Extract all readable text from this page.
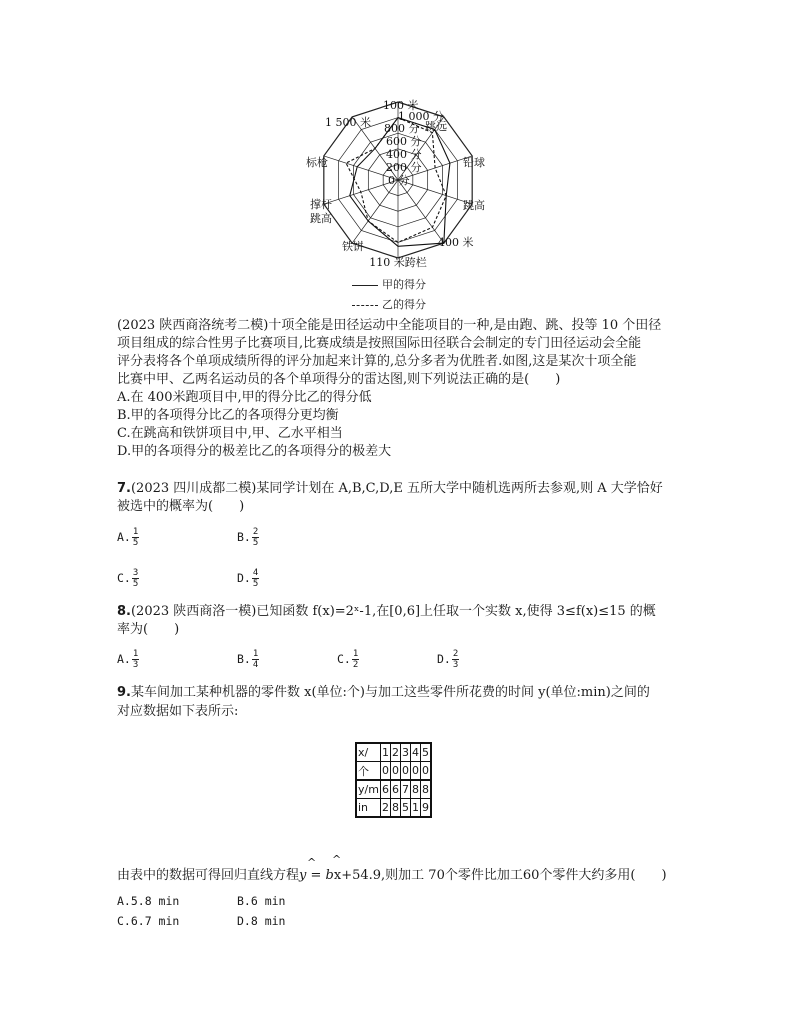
1 000 分
800 分
600 分
400 分
200 分
0 分
100 米
跳远
铅球
跳高
400 米
110 米跨栏
铁饼
撑杆
跳高
标枪
1 500 米
甲的得分
乙的得分
(2023 陕西商洛统考二模)十项全能是田径运动中全能项目的一种,是由跑、跳、投等 10 个田径
项目组成的综合性男子比赛项目,比赛成绩是按照国际田径联合会制定的专门田径运动会全能
评分表将各个单项成绩所得的评分加起来计算的,总分多者为优胜者.如图,这是某次十项全能
比赛中甲、乙两名运动员的各个单项得分的雷达图,则下列说法正确的是(　　)
A.在 400米跑项目中,甲的得分比乙的得分低
B.甲的各项得分比乙的各项得分更均衡
C.在跳高和铁饼项目中,甲、乙水平相当
D.甲的各项得分的极差比乙的各项得分的极差大
7.(2023 四川成都二模)某同学计划在 A,B,C,D,E 五所大学中随机选两所去参观,则 A 大学恰好
被选中的概率为(　　)
A. $\frac{1}{5}$	B. $\frac{2}{5}$
C. $\frac{3}{5}$	D. $\frac{4}{5}$
8.(2023 陕西商洛一模)已知函数 f(x)=2ˣ-1,在[0,6]上任取一个实数 x,使得 3≤f(x)≤15 的概
率为(　　)
A. $\frac{1}{3}$	B. $\frac{1}{4}$	C. $\frac{1}{2}$	D. $\frac{2}{3}$
9.某车间加工某种机器的零件数 x(单位:个)与加工这些零件所花费的时间 y(单位:min)之间的
对应数据如下表所示:
x/	1	2	3	4	5
个	0	0	0	0	0
y/m	6	6	7	8	8
in	2	8	5	1	9
^ ^
由表中的数据可得回归直线方程y = bx+54.9,则加工 70个零件比加工60个零件大约多用(　　)
A.5.8 min	B.6 min
C.6.7 min	D.8 min
